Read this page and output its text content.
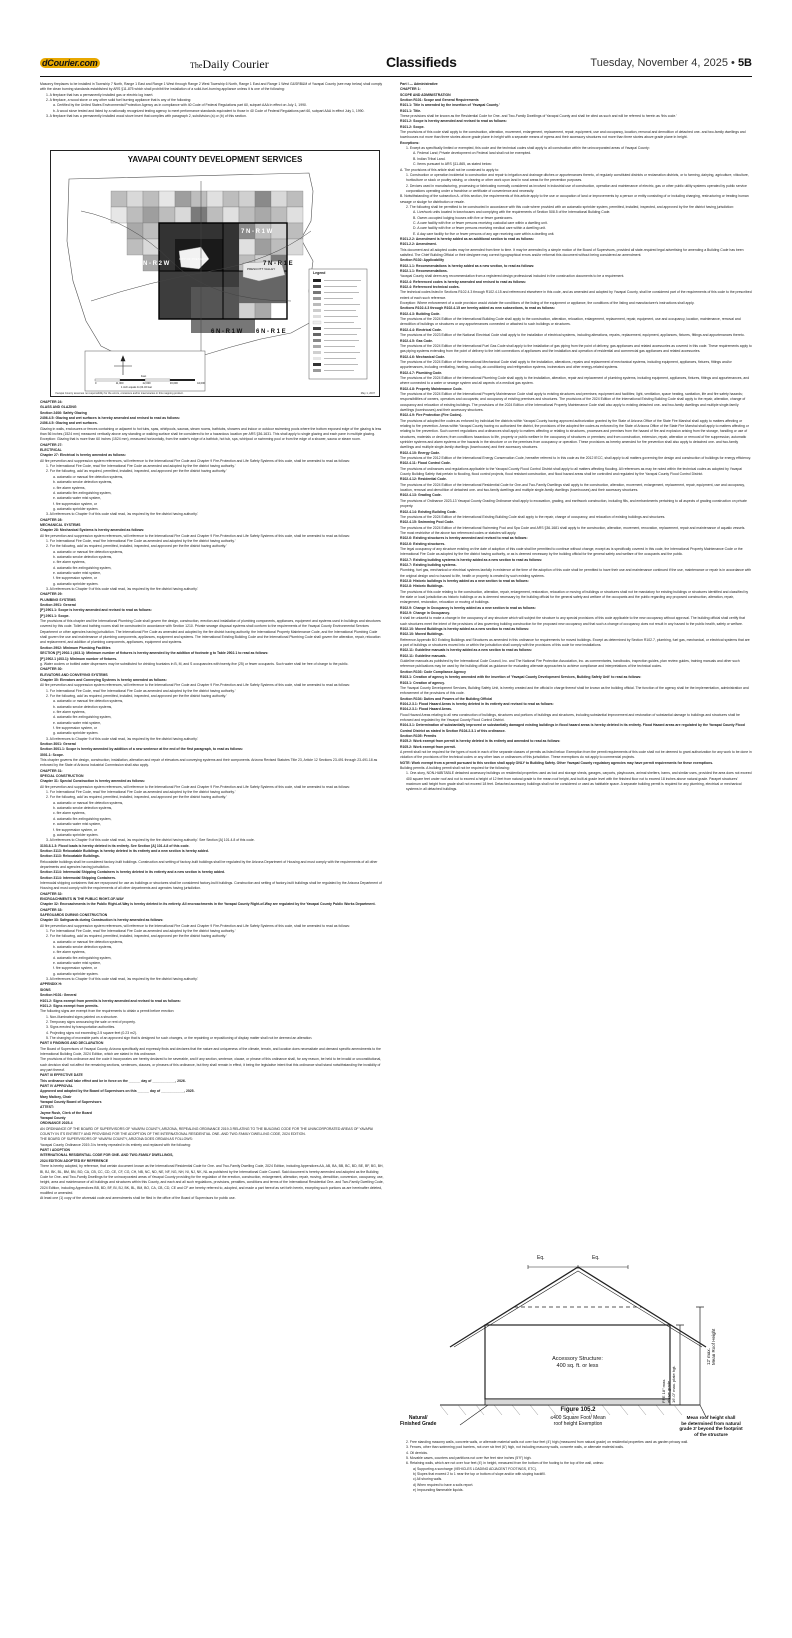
dCourier.com	TheDaily Courier	Classifieds	Tuesday, November 4, 2025 • 5B

Masonry fireplaces to be installed in Township 7 North, Range 1 East and Range 1 West through Range 2 West Township 6 North, Range 1 East and Range 1 West G&SRB&M of Yavapai County (see map below) shall comply with the clean burning standards established by ARS §11-875 which shall prohibit the installation of a solid-fuel-burning appliance unless it is one of the following:

1. A fireplace that has a permanently installed gas or electric log insert.

2. A fireplace, a wood stove or any other solid fuel burning appliance that is any of the following:

a. Certified by the United States Environmental Protection Agency as in compliance with 40 Code of Federal Regulations part 60, subpart AAA in effect on July 1, 1990.

b. A wood stove tested and listed by a nationally recognized testing agency to meet performance standards equivalent to those in 40 Code of Federal Regulations part 60, subpart AAA in effect July 1, 1990.

3. A fireplace that has a permanently installed wood stove insert that complies with paragraph 2, subdivision (a) or (b) of this section.

YAVAPAI COUNTY DEVELOPMENT SERVICES
7 N - R 2 W
7 N - R 1 W
7 N - R 1 E
6 N - R 1 W 6 N - R 1 E
CITY OF PRESCOTT
PRESCOTT VALLEY
Legend
0	11,000	22,000	33,000	44,000
Feet
1 inch equals 11,64.32 feet
Yavapai County assumes no responsibility for the errors, omissions and/or inaccuracies in this mapping product.	May 1, 2007

CHAPTER 24:

GLASS AND GLAZING

Section 2406: Safety Glazing

2406.4.5: Glazing and wet surfaces is hereby amended and revised to read as follows:

2406.4.5: Glazing and wet surfaces.

Glazing in walls, enclosures or fences containing or adjacent to hot tubs, spas, whirlpools, saunas, steam rooms, bathtubs, showers and indoor or outdoor swimming pools where the bottom exposed edge of the glazing is less than 56 inches (1524 mm) measured vertically above any standing or walking surface shall be considered to be a hazardous location per ARS §36-1631. This shall apply to single glazing and each pane in multiple glazing.

Exception: Glazing that is more than 60 inches (1524 mm), measured horizontally, from the water's edge of a bathtub, hot tub, spa, whirlpool or swimming pool or from the edge of a shower, sauna or steam room.

CHAPTER 27:

ELECTRICAL

Chapter 27: Electrical is hereby amended as follows:

All fire prevention and suppression system references, will reference to the International Fire Code and Chapter 9 Fire-Protection and Life Safety Systems of this code, shall be amended to read as follows:

1. For International Fire Code, read 'the International Fire Code as amended and adopted by the fire district having authority.'

2. For the following, add 'as required, permitted, installed, inspected, and approved per the fire district having authority.'

a. automatic or manual fire detection systems,

b. automatic smoke detection systems,

c. fire alarm systems,

d. automatic fire-extinguishing system,

e. automatic water mist system,

f. fire suppression system, or

g. automatic sprinkler system.

3. All references to Chapter 9 of this code shall read, 'as required by the fire district having authority.'

CHAPTER 28:

MECHANICAL SYSTEMS

Chapter 28: Mechanical Systems is hereby amended as follows:

All fire prevention and suppression system references, will reference to the International Fire Code and Chapter 9 Fire-Protection and Life Safety Systems of this code, shall be amended to read as follows:

1. For International Fire Code, read 'the International Fire Code as amended and adopted by the fire district having authority.'

2. For the following, add 'as required, permitted, installed, inspected, and approved per the fire district having authority.'

a. automatic or manual fire detection systems,

b. automatic smoke detection systems,

c. fire alarm systems,

d. automatic fire-extinguishing system,

e. automatic water mist system,

f. fire suppression system, or

g. automatic sprinkler system.

3. All references to Chapter 9 of this code shall read, 'as required by the fire district having authority.'

CHAPTER 29:

PLUMBING SYSTEMS

Section 2901: General

[P] 2901.1: Scope is hereby amended and revised to read as follows:

[P] 2901.1: Scope.

The provisions of this chapter and the International Plumbing Code shall govern the design, construction, erection and installation of plumbing components, appliances, equipment and systems used in buildings and structures covered by this code. Toilet and bathing rooms shall be constructed in accordance with Section 1210. Private sewage disposal systems shall conform to the requirements of the Yavapai County Environmental Services Department or other agencies having jurisdiction. The International Fire Code as amended and adopted by the fire district having authority, the International Property Maintenance Code, and the International Plumbing Code shall govern the use and maintenance of plumbing components, appliances, equipment and systems. The International Existing Building Code and the International Plumbing Code shall govern the alteration, repair, relocation and replacement, and addition of plumbing components, appliances, equipment and systems.

Section 2902: Minimum Plumbing Facilities

SECTION [P] 2902.1 (403.1): Minimum number of fixtures is hereby amended by the addition of footnote g to Table 2902.1 to read as follows:

[P] 2902.1 (403.1): Minimum number of fixtures.

g. Water coolers or bottled water dispensers may be substituted for drinking fountains in B, M, and S occupancies with twenty-five (25) or fewer occupants. Such water shall be free of charge to the public.

CHAPTER 30:

ELEVATORS AND CONVEYING SYSTEMS

Chapter 30: Elevators and Conveying Systems is hereby amended as follows:

All fire prevention and suppression system references, will reference to the International Fire Code and Chapter 9 Fire-Protection and Life Safety Systems of this code, shall be amended to read as follows:

1. For International Fire Code, read 'the International Fire Code as amended and adopted by the fire district having authority.'

2. For the following, add 'as required, permitted, installed, inspected, and approved per the fire district having authority.'

a. automatic or manual fire detection systems,

b. automatic smoke detection systems,

c. fire alarm systems,

d. automatic fire-extinguishing system,

e. automatic water mist system,

f. fire suppression system, or

g. automatic sprinkler system.

3. All references to Chapter 9 of this code shall read, 'as required by the fire district having authority.'

Section 3001: General

Section 3001.1: Scope is hereby amended by addition of a new sentence at the end of the first paragraph, to read as follows:

3001.1: Scope.

This chapter governs the design, construction, installation, alteration and repair of elevators and conveying systems and their components. Arizona Revised Statutes Title 23, Article 12 Sections 23-491 through 23-491.18 as enforced by the State of Arizona Industrial Commission shall also apply.

CHAPTER 31:

SPECIAL CONSTRUCTION

Chapter 31: Special Construction is hereby amended as follows:

All fire prevention and suppression system references, will reference to the International Fire Code and Chapter 9 Fire-Protection and Life Safety Systems of this code, shall be amended to read as follows:

1. For International Fire Code, read 'the International Fire Code as amended and adopted by the fire district having authority.'

2. For the following, add 'as required, permitted, installed, inspected, and approved per the fire district having authority.'

a. automatic or manual fire detection systems,

b. automatic smoke detection systems,

c. fire alarm systems,

d. automatic fire-extinguishing system,

e. automatic water mist system,

f. fire suppression system, or

g. automatic sprinkler system.

3. All references to Chapter 9 of this code shall read, 'as required by the fire district having authority.' See Section [A] 101.4.8 of this code.

3103.8.1.3: Flood loads is hereby deleted in its entirety. See Section [A] 101.4.8 of this code.

Section 3113: Relocatable Buildings is hereby deleted in its entirety and a new section is hereby added.

Section 3113: Relocatable Buildings.

Relocatable buildings shall be considered factory-built buildings. Construction and setting of factory-built buildings shall be regulated by the Arizona Department of Housing and must comply with the requirements of all other departments and agencies having jurisdiction.

Section 3114: Intermodal Shipping Containers is hereby deleted in its entirety and a new section is hereby added.

Section 3114: Intermodal Shipping Containers.

Intermodal shipping containers that are repurposed for use as buildings or structures shall be considered factory-built buildings. Construction and setting of factory-built buildings shall be regulated by the Arizona Department of Housing and must comply with the requirements of all other departments and agencies having jurisdiction.

CHAPTER 32:

ENCROACHMENTS IN THE PUBLIC RIGHT-OF-WAY

Chapter 32: Encroachments in the Public Right-of-Way is hereby deleted in its entirety. All encroachments in the Yavapai County Right-of-Way are regulated by the Yavapai County Public Works Department.

CHAPTER 33:

SAFEGUARDS DURING CONSTRUCTION

Chapter 33: Safeguards during Construction is hereby amended as follows:

All fire prevention and suppression system references, will reference to the International Fire Code and Chapter 9 Fire-Protection and Life Safety Systems of this code, shall be amended to read as follows:

1. For International Fire Code, read 'the International Fire Code as amended and adopted by the fire district having authority.'

2. For the following, add 'as required, permitted, installed, inspected, and approved per the fire district having authority.'

a. automatic or manual fire detection systems,

b. automatic smoke detection systems,

c. fire alarm systems,

d. automatic fire-extinguishing system,

e. automatic water mist system,

f. fire suppression system, or

g. automatic sprinkler system.

3. All references to Chapter 9 of this code shall read, 'as required by the fire district having authority.'

APPENDIX H:

SIGNS

Section H101: General

H101.2: Signs exempt from permits is hereby amended and revised to read as follows:

H101.2: Signs exempt from permits.

The following signs are exempt from the requirements to obtain a permit before erection:

1. Non-illuminated signs painted on a structure.

2. Temporary signs announcing the sale or rent of property.

3. Signs erected by transportation authorities.

4. Projecting signs not exceeding 2.5 square feet (0.23 m2).

5. The changing of moveable parts of an approved sign that is designed for such changes, or the repainting or repositioning of display matter shall not be deemed an alteration.

PART II FINDINGS AND DECLARATION

The Board of Supervisors of Yavapai County, Arizona specifically and expressly finds and declares that the nature and uniqueness of the climate, terrain, and location does necessitate and demand specific amendments to the International Building Code, 2024 Edition, which are stated in this ordinance.

The provisions of this ordinance and the code it incorporates are hereby declared to be severable, and if any section, sentence, clause, or phrase of this ordinance shall, for any reason, be held to be invalid or unconstitutional, such decision shall not affect the remaining sections, sentences, clauses, or phrases of this ordinance, but they shall remain in effect, it being the legislative intent that this ordinance shall stand notwithstanding the invalidity of any part thereof.

PART III EFFECTIVE DATE

This ordinance shall take effect and be in force on the ______ day of ____________, 2026.

PART IV APPROVAL

Approved and adopted by the Board of Supervisors on this ______ day of ____________, 2025.

Mary Mallory, Chair

Yavapai County Board of Supervisors

ATTEST:

Jayme Rush, Clerk of the Board

Yavapai County

ORDINANCE 2025-4

AN ORDINANCE OF THE BOARD OF SUPERVISORS OF YAVAPAI COUNTY, ARIZONA, REPEALING ORDINANCE 2019-3 RELATING TO THE BUILDING CODE FOR THE UNINCORPORATED AREAS OF YAVAPAI COUNTY IN ITS ENTIRETY AND PROVIDING FOR THE ADOPTION OF THE INTERNATIONAL RESIDENTIAL ONE- AND TWO-FAMILY DWELLING CODE, 2024 EDITION.

THE BOARD OF SUPERVISORS OF YAVAPAI COUNTY, ARIZONA DOES ORDAIN AS FOLLOWS:

Yavapai County Ordinance 2019-3 is hereby repealed in its entirety and replaced with the following:

PART I ADOPTION

INTERNATIONAL RESIDENTIAL CODE FOR ONE- AND TWO-FAMILY DWELLINGS,

2024 EDITION ADOPTED BY REFERENCE

There is hereby adopted, by reference, that certain document known as the International Residential Code for One- and Two-Family Dwelling Code, 2024 Edition, including Appendices AA, AB, BA, BB, BC, BD, BE, BF, BG, BH, BI, BJ, BK, BL, BM, BN, BO, CA, CB, CC, CD, CE, CF, CG, CH, NB, NC, ND, NE, NF, NG, NH, NI, NJ, NK, NL as published by the International Code Council. Said document is hereby amended and adopted as the Building Code for One- and Two-Family Dwellings for the unincorporated areas of Yavapai County providing for the regulation of the erection, construction, enlargement, alteration, repair, moving, demolition, conversion, occupancy, use, height, area and maintenance of all buildings and structures within this County, and each and all such regulations, provisions, penalties, conditions and terms of the International Residential One- and Two-Family Dwelling Code, 2024 Edition, including Appendices BB, BD, BF, BI, BJ, BK, BL, BM, BO, CA, CB, CD, CE and CF are hereby referred to, adopted, and made a part hereof as set forth herein, excepting such portions as are hereinafter deleted, modified or amended.

At least one (1) copy of the aforesaid code and amendments shall be filed in the office of the Board of Supervisors for public use.

Part I — Administrative

CHAPTER 1:

SCOPE AND ADMINISTRATION

Section R101: Scope and General Requirements

R101.1: Title is amended by the insertion of 'Yavapai County.'

R101.1: Title.

These provisions shall be known as the Residential Code for One- and Two-Family Dwellings of Yavapai County and shall be cited as such and will be referred to herein as 'this code.'

R101.2: Scope is hereby amended and revised to read as follows:

R101.2: Scope.

The provisions of this code shall apply to the construction, alteration, movement, enlargement, replacement, repair, equipment, use and occupancy, location, removal and demolition of detached one- and two-family dwellings and townhouses not more than three stories above grade plane in height with a separate means of egress and their accessory structures not more than three stories above grade plane in height.

Exceptions:

1. Except as specifically limited or exempted, this code and the technical codes shall apply to all construction within the unincorporated areas of Yavapai County:

A. Federal Land; Private development on Federal land shall not be exempted.

B. Indian Tribal Land.

C. Items pursuant to ARS §11-865, as stated below:

A. The provisions of this article shall not be construed to apply to:

1. Construction or operation incidental to construction and repair to irrigation and drainage ditches or appurtenances thereto, of regularly constituted districts or reclamation districts, or to farming, dairying, agriculture, viticulture, horticulture or stock or poultry raising, or clearing or other work upon land in rural areas for fire prevention purposes.

2. Devices used in manufacturing, processing or fabricating normally considered as involved in industrial use of construction, operation and maintenance of electric, gas or other public utility systems operated by public service corporations operating under a franchise or certificate of convenience and necessity.

B. Notwithstanding of the subsection A. of this section, the requirements of this article apply to the use or occupation of land or improvements by a person or entity consisting of or including changing, restructuring or treating human sewage or sludge for distribution or resale.

2. The following shall be permitted to be constructed in accordance with this code where provided with an automatic sprinkler system, permitted, installed, inspected, and approved by the fire district having jurisdiction:

A. Live/work units located in townhouses and complying with the requirements of Section 508.5 of the International Building Code.

B. Owner-occupied lodging houses with five or fewer guestrooms.

C. A care facility with five or fewer persons receiving custodial care within a dwelling unit.

D. A care facility with five or fewer persons receiving medical care within a dwelling unit.

E. A day care facility for five or fewer persons of any age receiving care within a dwelling unit.

R101.2.2: Amendment is hereby added as an additional section to read as follows:

R101.2.2: Amendment.

This document and all adopted codes may be amended from time to time. It may be amended by a simple motion of the Board of Supervisors, provided all state-required legal advertising for amending a Building Code has been satisfied. The Chief Building Official or their designee may correct typographical errors and/or reformat this document without being considered an amendment.

Section R102: Applicability

R102.1.1: Recommendations is hereby added as a new section, to read as follows:

R102.1.1: Recommendations.

Yavapai County shall deem any recommendation from a registered design professional included in the construction documents to be a requirement.

R102.4: Referenced codes is hereby amended and revised to read as follows:

R102.4: Referenced technical codes.

The technical codes listed in Sections R102.4.3 through R102.4.15 and referenced elsewhere in this code, and as amended and adopted by Yavapai County, shall be considered part of the requirements of this code to the prescribed extent of each such reference.

Exception: Where enforcement of a code provision would violate the conditions of the listing of the equipment or appliance, the conditions of the listing and manufacturer's instructions shall apply.

Sections R102.4.3 through R102.4.15 are hereby added as new subsections, to read as follows:

R102.4.3: Building Code.

The provisions of the 2024 Edition of the International Building Code shall apply to the construction, alteration, relocation, enlargement, replacement, repair, equipment, use and occupancy, location, maintenance, removal and demolition of buildings or structures or any appurtenances connected or attached to such buildings or structures.

R102.4.4: Electrical Code.

The provisions of the 2023 Edition of the National Electrical Code shall apply to the installation of electrical systems, including alterations, repairs, replacement, equipment, appliances, fixtures, fittings and appurtenances thereto.

R102.4.5: Gas Code.

The provisions of the 2024 Edition of the International Fuel Gas Code shall apply to the installation of gas piping from the point of delivery, gas appliances and related accessories as covered in this code. These requirements apply to gas piping systems extending from the point of delivery to the inlet connections of appliances and the installation and operation of residential and commercial gas appliances and related accessories.

R102.4.6: Mechanical Code.

The provisions of the 2024 Edition of the International Mechanical Code shall apply to the installation, alterations, repairs and replacement of mechanical systems, including equipment, appliances, fixtures, fittings and/or appurtenances, including ventilating, heating, cooling, air-conditioning and refrigeration systems, incinerators and other energy-related systems.

R102.4.7: Plumbing Code.

The provisions of the 2024 Edition of the International Plumbing Code shall apply to the installation, alteration, repair and replacement of plumbing systems, including equipment, appliances, fixtures, fittings and appurtenances, and where connected to a water or sewage system and all aspects of a medical gas system.

R102.4.8: Property Maintenance Code.

The provisions of the 2024 Edition of the International Property Maintenance Code shall apply to existing structures and premises; equipment and facilities; light, ventilation, space heating, sanitation, life and fire safety hazards; responsibilities of owners, operators and occupants; and occupancy of existing premises and structures. The provisions of the 2024 Edition of the International Existing Building Code shall apply to the repair, alteration, change of occupancy and relocation of existing buildings. The provisions of the 2024 Edition of the International Property Maintenance Code shall also apply to existing detached one- and two-family dwellings and multiple single-family dwellings (townhouses) and their accessory structures.

R102.4.9: Fire Protection (Fire Codes).

The provisions of adopted fire codes as enforced by individual fire districts within Yavapai County having approved authorization granted by the State of Arizona Office of the State Fire Marshal shall apply to matters affecting or relating to fire prevention. Areas within Yavapai County having no authorized fire district, the provisions of the adopted fire codes as enforced by the State of Arizona Office of the State Fire Marshal shall apply to matters affecting or relating to fire prevention. Such current regulations and ordinances shall apply to matters affecting or relating to structures, processes and premises from the hazard of fire and explosion arising from the storage, handling or use of structures, materials or devices; from conditions hazardous to life, property or public welfare in the occupancy of structures or premises; and from construction, extension, repair, alteration or removal of fire suppression, automatic sprinkler systems and alarm systems or fire hazards in the structure or on the premises from occupancy or operation. These provisions as hereby amended for fire prevention shall also apply to detached one- and two-family dwellings and multiple single-family dwellings (townhouses) and their accessory structures.

R102.4.10: Energy Code.

The provisions of the 2012 Edition of the International Energy Conservation Code, hereafter referred to in this code as the 2012 IECC, shall apply to all matters governing the design and construction of buildings for energy efficiency.

R102.4.11: Flood Control Code.

The provisions of ordinances and regulations applicable to the Yavapai County Flood Control District shall apply to all matters affecting flooding. All references as may be noted within the technical codes as adopted by Yavapai County Building Safety that pertain to flooding, flood control projects, flood resistant construction, and flood hazard areas shall be controlled and regulated by the Yavapai County Flood Control District.

R102.4.12: Residential Code.

The provisions of the 2024 Edition of the International Residential Code for One-and Two-Family Dwellings shall apply to the construction, alteration, movement, enlargement, replacement, repair, equipment, use and occupancy, location, removal and demolition of detached one- and two-family dwellings and multiple single-family dwellings (townhouses) and their accessory structures.

R102.4.13: Grading Code.

The provisions of Ordinance 2023-13 Yavapai County Grading Ordinance shall apply to excavation, grading, and earthwork construction, including fills, and embankments pertaining to all aspects of grading construction on private property.

R102.4.14: Existing Building Code.

The provisions of the 2024 Edition of the International Existing Building Code shall apply to the repair, change of occupancy, and relocation of existing buildings and structures.

R102.4.15: Swimming Pool Code.

The provisions of the 2024 Edition of the International Swimming Pool and Spa Code and ARS §36-1681 shall apply to the construction, alteration, movement, renovation, replacement, repair and maintenance of aquatic vessels. The most restrictive of the above two referenced codes or statutes will apply.

R102.6: Existing structures is hereby amended and revised to read as follows:

R102.6: Existing structures.

The legal occupancy of any structure existing on the date of adoption of this code shall be permitted to continue without change, except as is specifically covered in this code, the International Property Maintenance Code or the International Fire Code as adopted by the fire district having authority, or as is deemed necessary by the building official for the general safety and welfare of the occupants and the public.

R102.7: Existing building systems is hereby added as a new section to read as follows:

R102.7: Existing building systems.

Plumbing, fuel gas, mechanical or electrical systems lawfully in existence at the time of the adoption of this code shall be permitted to have their use and maintenance continued if the use, maintenance or repair is in accordance with the original design and no hazard to life, health or property is created by such existing systems.

R102.8: Historic buildings is hereby added as a new section to read as follows:

R102.8: Historic Buildings.

The provisions of this code relating to the construction, alteration, repair, enlargement, restoration, relocation or moving of buildings or structures shall not be mandatory for existing buildings or structures identified and classified by the state or local jurisdiction as historic buildings or as is deemed necessary by the building official for the general safety and welfare of the occupants and the public regarding any proposed construction, alteration, repair, enlargement, restoration, relocation or moving of buildings.

R102.9: Change in Occupancy is hereby added as a new section to read as follows:

R102.9: Change in Occupancy.

It shall be unlawful to make a change in the occupancy of any structure which will subject the structure to any special provisions of this code applicable to the new occupancy without approval. The building official shall certify that such structures meet the intent of the provisions of law governing building construction for the proposed new occupancy and that such a change of occupancy does not result in any hazard to the public health, safety or welfare.

R102.10: Moved Buildings is hereby added as a new section to read as follows:

R102.10: Moved Buildings.

Reference Appendix BO Existing Buildings and Structures as amended in this ordinance for requirements for moved buildings. Except as determined by Section R102.7, plumbing, fuel gas, mechanical, or electrical systems that are a part of buildings or structures moved into or within the jurisdiction shall comply with the provisions of this code for new installations.

R102.11: Guideline manuals is hereby added as a new section to read as follows:

R102.11: Guideline manuals.

Guideline manuals as published by the International Code Council, Inc. and The National Fire Protection Association, Inc. as commentaries, handbooks, inspection guides, plan review guides, training manuals and other such reference publications may be used by the building official as guidance for evaluating alternate approaches to achieve compliance and interpretations of the technical codes.

Section R103: Code Compliance Agency

R103.1: Creation of agency is hereby amended with the insertion of 'Yavapai County Development Services, Building Safety Unit' to read as follows:

R103.1: Creation of agency.

The Yavapai County Development Services, Building Safety Unit, is hereby created and the official in charge thereof shall be known as the building official. The function of the agency shall be the implementation, administration and enforcement of the provisions of this code.

Section R104: Duties and Powers of the Building Official

R104.2.3.1: Flood Hazard Areas is hereby deleted in its entirety and revised to read as follows:

R104.2.3.1: Flood Hazard Areas.

Flood Hazard Areas relating to all new construction of buildings, structures and portions of buildings and structures, including substantial improvement and restoration of substantial damage to buildings and structures shall be enforced and regulated by the Yavapai County Flood Control District.

R104.3.1: Determination of substantially improved or substantially damaged existing buildings in flood hazard areas is hereby deleted in its entirety. Flood Hazard areas are regulated by the Yavapai County Flood Control District as stated in Section R104.2.3.1 of this ordinance.

Section R105: Permits

R105.2: Work exempt from permit is hereby deleted in its entirety and amended to read as follows:

R105.2: Work exempt from permit.

A permit shall not be required for the types of work in each of the separate classes of permits as listed below. Exemption from the permit requirements of this code shall not be deemed to grant authorization for any work to be done in violation of the provisions of the technical codes or any other laws or ordinances of this jurisdiction. These exemptions do not apply to commercial projects.

NOTE: Work exempt from a permit pursuant to this section shall apply ONLY to Building Safety. Other Yavapai County regulatory agencies may have permit requirements for these exemptions.

Building permits. A building permit shall not be required for the following:

1. One-story, NON-HABITABLE detached accessory buildings on residential properties used as tool and storage sheds, garages, carports, playhouses, animal shelters, barns, and similar uses, provided the area does not exceed 400 square feet under roof and not to exceed a height of 12 feet from natural grade to the mean roof height, and built at grade level with the finished floor not to exceed 18 inches above natural grade. Parapet structures' maximum wall height from grade shall not exceed 18 feet. Detached accessory buildings shall not be considered or used as habitable space. A separate building permit is required for any plumbing, electrical or mechanical systems in all detached buildings.

Eq.	Eq.
Accessory Structure:
400 sq. ft. or less
FFE 18" max. above grade 16'-0" max. plate hgt.
12' max. Mean Roof Height
Natural/
Finished Grade
Figure 105.2
≤400 Square Foot/ Mean
roof height Exemption
Mean roof height shall
be determined from natural
grade 3' beyond the footprint
of the structure

2. Free standing masonry walls, concrete walls, or alternate material walls not over four feet (4') high (measured from natural grade) on residential properties used as garden privacy wall.

3. Fences, other than swimming pool barriers, not over six feet (6') high, not including masonry walls, concrete walls, or alternate material walls.

4. Oil derricks.

5. Movable cases, counters and partitions not over five feet nine inches (5'9") high.

6. Retaining walls, which are not over four feet (4') in height, measured from the bottom of the footing to the top of the wall, unless:

a) Supporting a surcharge (VEHICLES LOADING ADJACENT FOOTINGS, ETC).

b) Slopes that exceed 2 to 1 near the top or bottom of slope and/or with sloping backfill.

c) All shoring walls.

d) When required to have a soils report.

e) Impounding flammable liquids.
